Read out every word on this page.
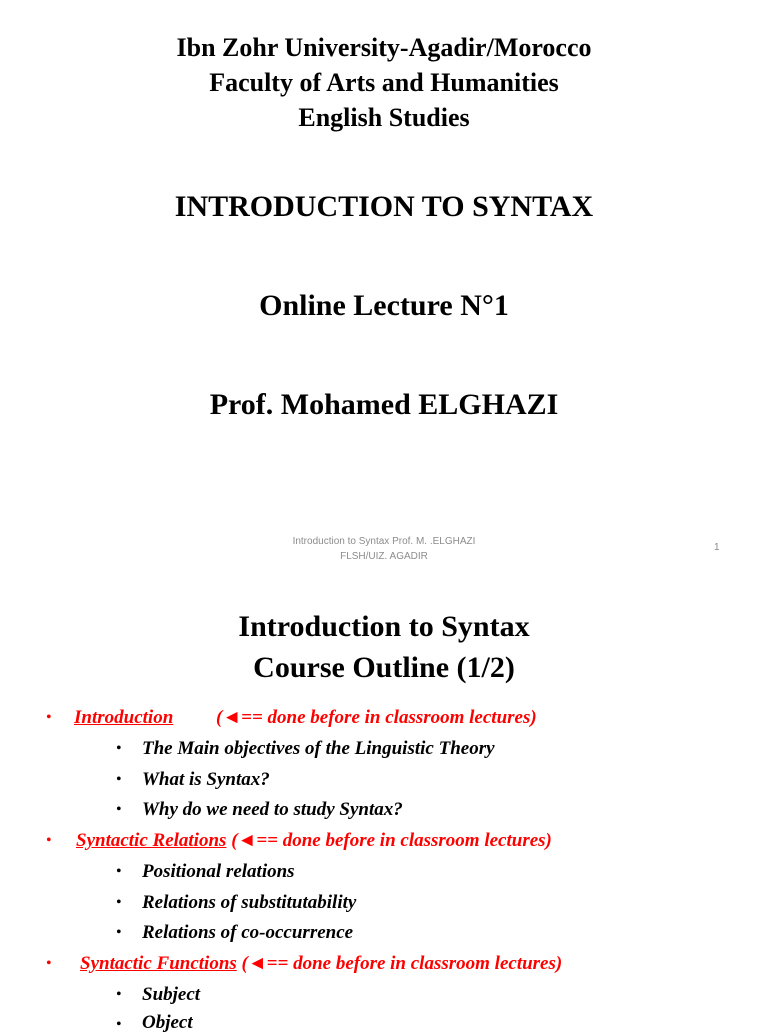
Ibn Zohr University-Agadir/Morocco
Faculty of Arts and Humanities
English Studies
INTRODUCTION TO SYNTAX
Online Lecture N°1
Prof. Mohamed ELGHAZI
Introduction to Syntax Prof. M. .ELGHAZI
FLSH/UIZ. AGADIR
1
Introduction to Syntax
Course Outline (1/2)
• Introduction (◄== done before in classroom lectures)
• The Main objectives of the Linguistic Theory
• What is Syntax?
• Why do we need to study Syntax?
• Syntactic Relations (◄== done before in classroom lectures)
• Positional relations
• Relations of substitutability
• Relations of co-occurrence
• Syntactic Functions (◄== done before in classroom lectures)
• Subject
• Object
